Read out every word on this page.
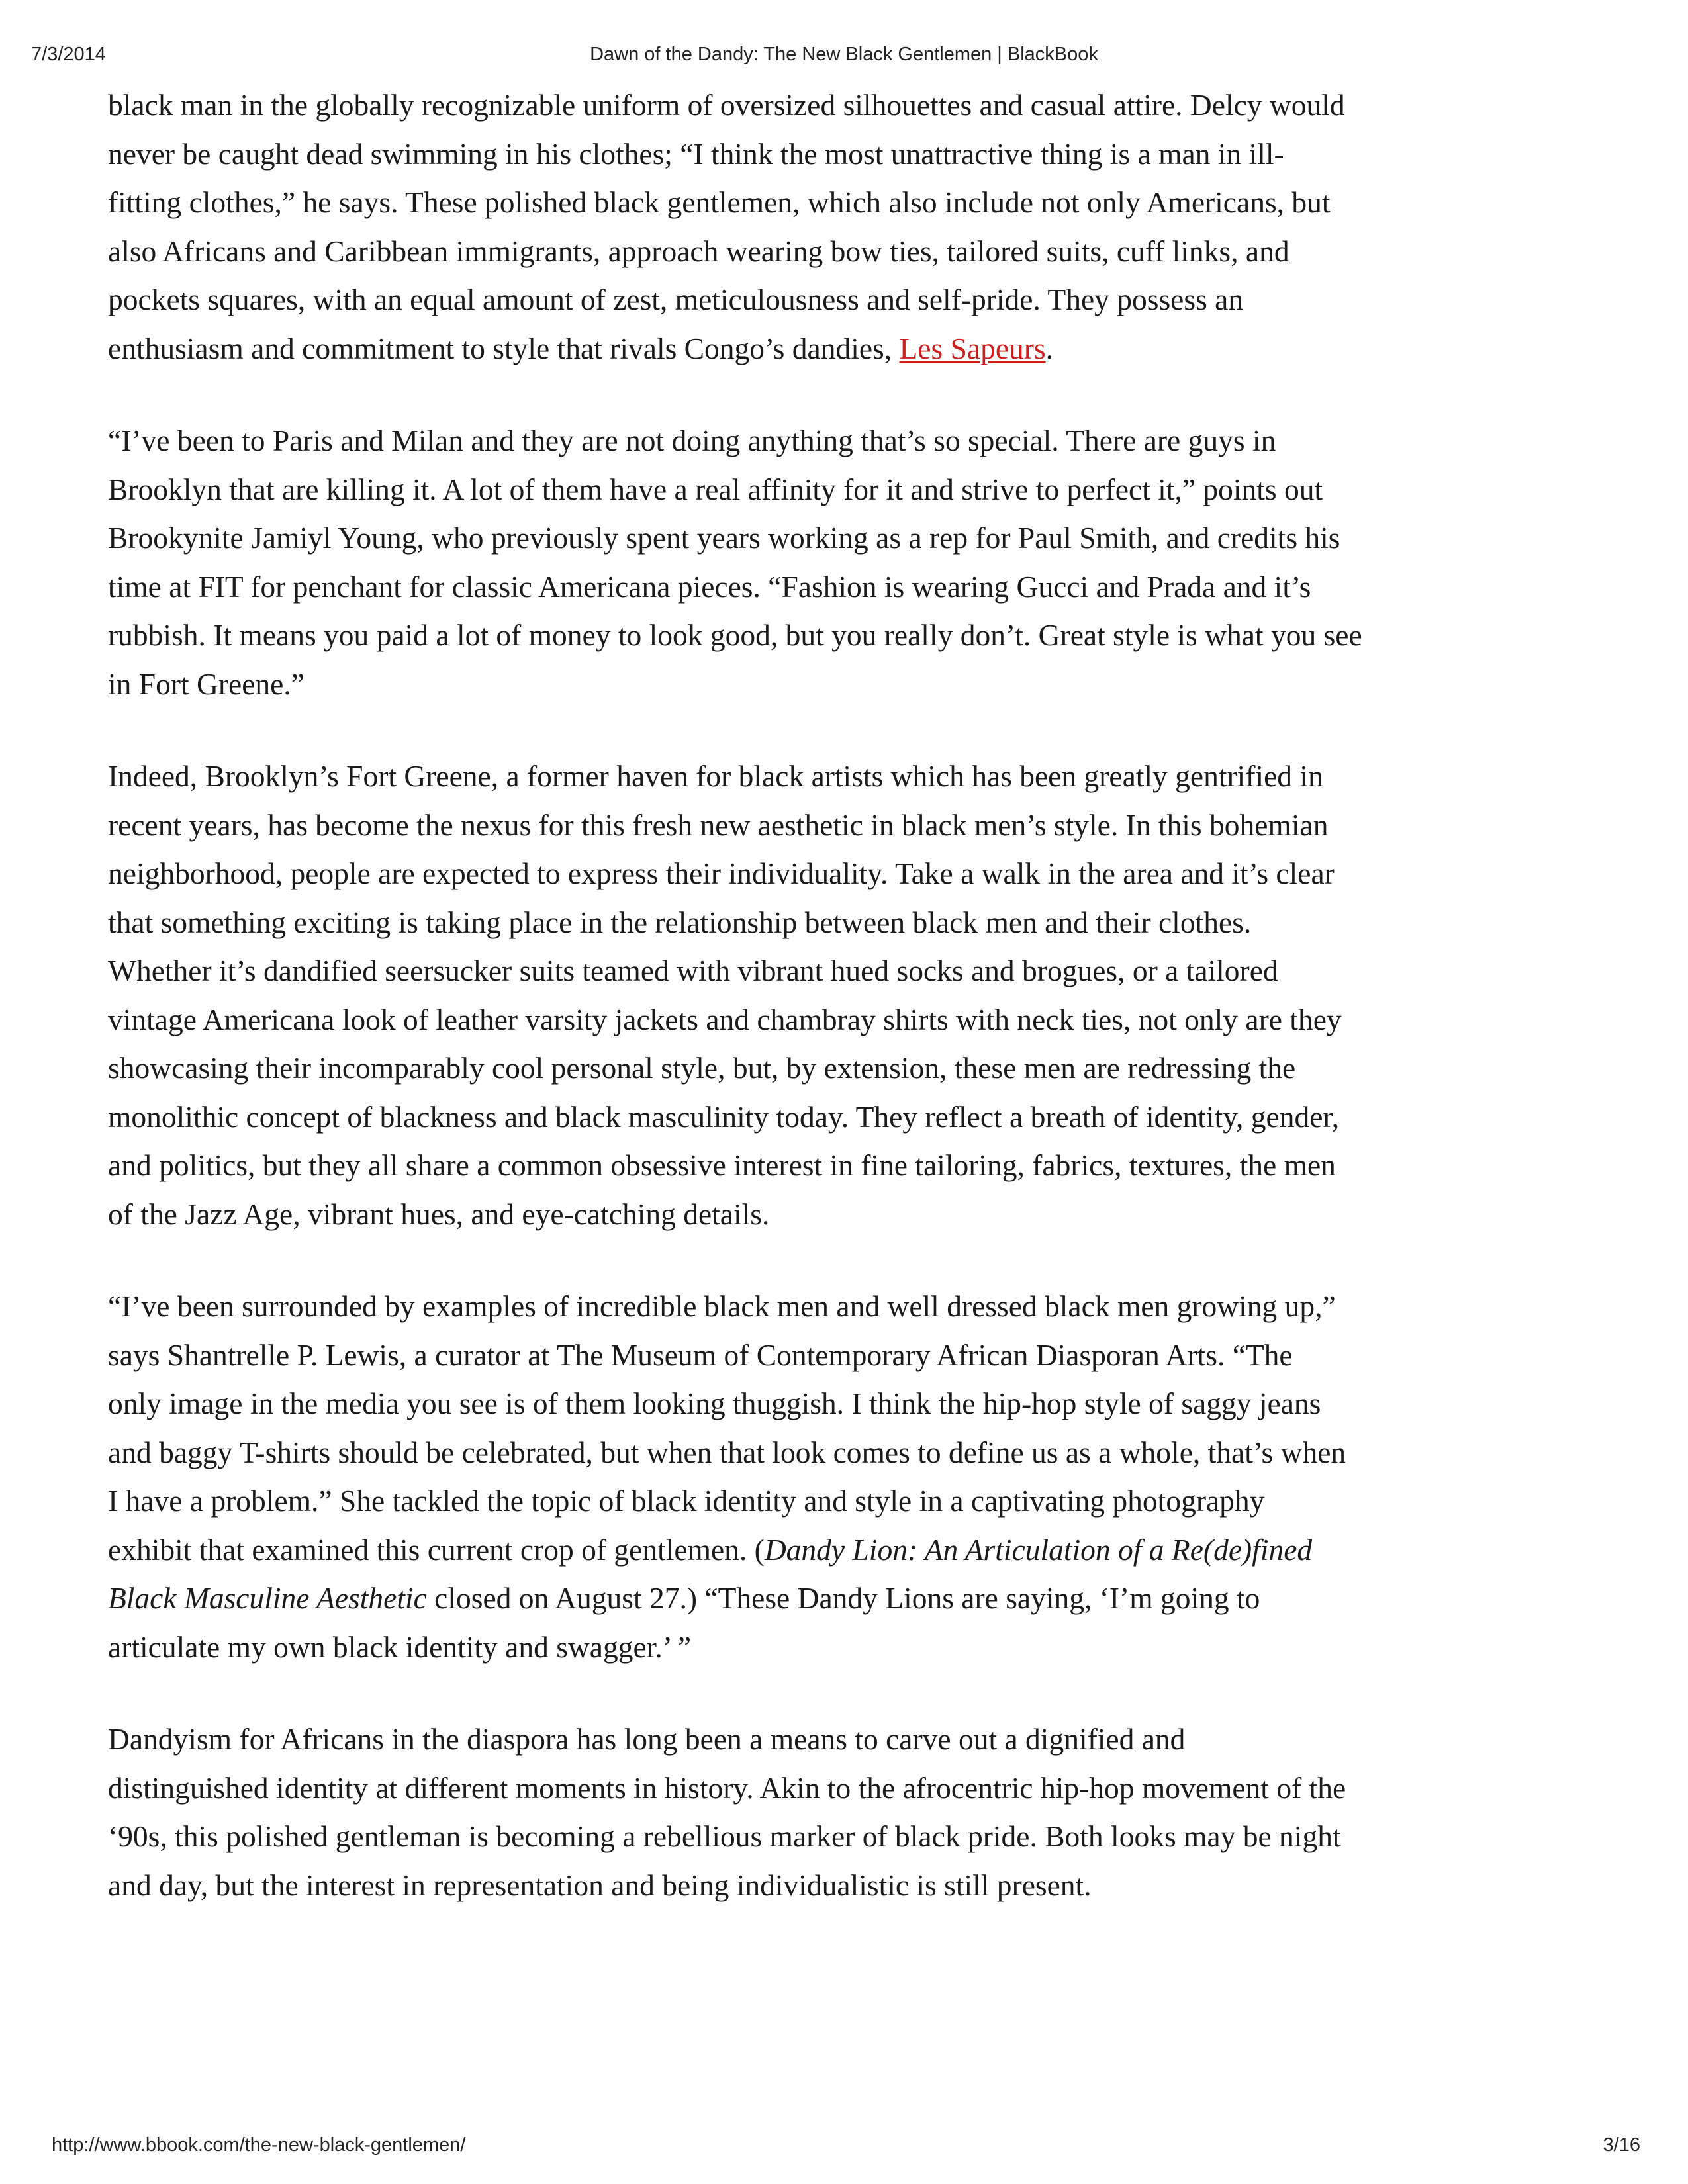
7/3/2014	Dawn of the Dandy: The New Black Gentlemen | BlackBook

black man in the globally recognizable uniform of oversized silhouettes and casual attire. Delcy would
never be caught dead swimming in his clothes; “I think the most unattractive thing is a man in ill-
fitting clothes,” he says. These polished black gentlemen, which also include not only Americans, but
also Africans and Caribbean immigrants, approach wearing bow ties, tailored suits, cuff links, and
pockets squares, with an equal amount of zest, meticulousness and self-pride. They possess an
enthusiasm and commitment to style that rivals Congo’s dandies, Les Sapeurs.

“I’ve been to Paris and Milan and they are not doing anything that’s so special. There are guys in
Brooklyn that are killing it. A lot of them have a real affinity for it and strive to perfect it,” points out
Brookynite Jamiyl Young, who previously spent years working as a rep for Paul Smith, and credits his
time at FIT for penchant for classic Americana pieces. “Fashion is wearing Gucci and Prada and it’s
rubbish. It means you paid a lot of money to look good, but you really don’t. Great style is what you see
in Fort Greene.”

Indeed, Brooklyn’s Fort Greene, a former haven for black artists which has been greatly gentrified in
recent years, has become the nexus for this fresh new aesthetic in black men’s style. In this bohemian
neighborhood, people are expected to express their individuality. Take a walk in the area and it’s clear
that something exciting is taking place in the relationship between black men and their clothes.
Whether it’s dandified seersucker suits teamed with vibrant hued socks and brogues, or a tailored
vintage Americana look of leather varsity jackets and chambray shirts with neck ties, not only are they
showcasing their incomparably cool personal style, but, by extension, these men are redressing the
monolithic concept of blackness and black masculinity today. They reflect a breath of identity, gender,
and politics, but they all share a common obsessive interest in fine tailoring, fabrics, textures, the men
of the Jazz Age, vibrant hues, and eye-catching details.

“I’ve been surrounded by examples of incredible black men and well dressed black men growing up,”
says Shantrelle P. Lewis, a curator at The Museum of Contemporary African Diasporan Arts. “The
only image in the media you see is of them looking thuggish. I think the hip-hop style of saggy jeans
and baggy T-shirts should be celebrated, but when that look comes to define us as a whole, that’s when
I have a problem.” She tackled the topic of black identity and style in a captivating photography
exhibit that examined this current crop of gentlemen. (Dandy Lion: An Articulation of a Re(de)fined
Black Masculine Aesthetic closed on August 27.) “These Dandy Lions are saying, ‘I’m going to
articulate my own black identity and swagger.’ ”

Dandyism for Africans in the diaspora has long been a means to carve out a dignified and
distinguished identity at different moments in history. Akin to the afrocentric hip-hop movement of the
‘90s, this polished gentleman is becoming a rebellious marker of black pride. Both looks may be night
and day, but the interest in representation and being individualistic is still present.

http://www.bbook.com/the-new-black-gentlemen/	3/16
